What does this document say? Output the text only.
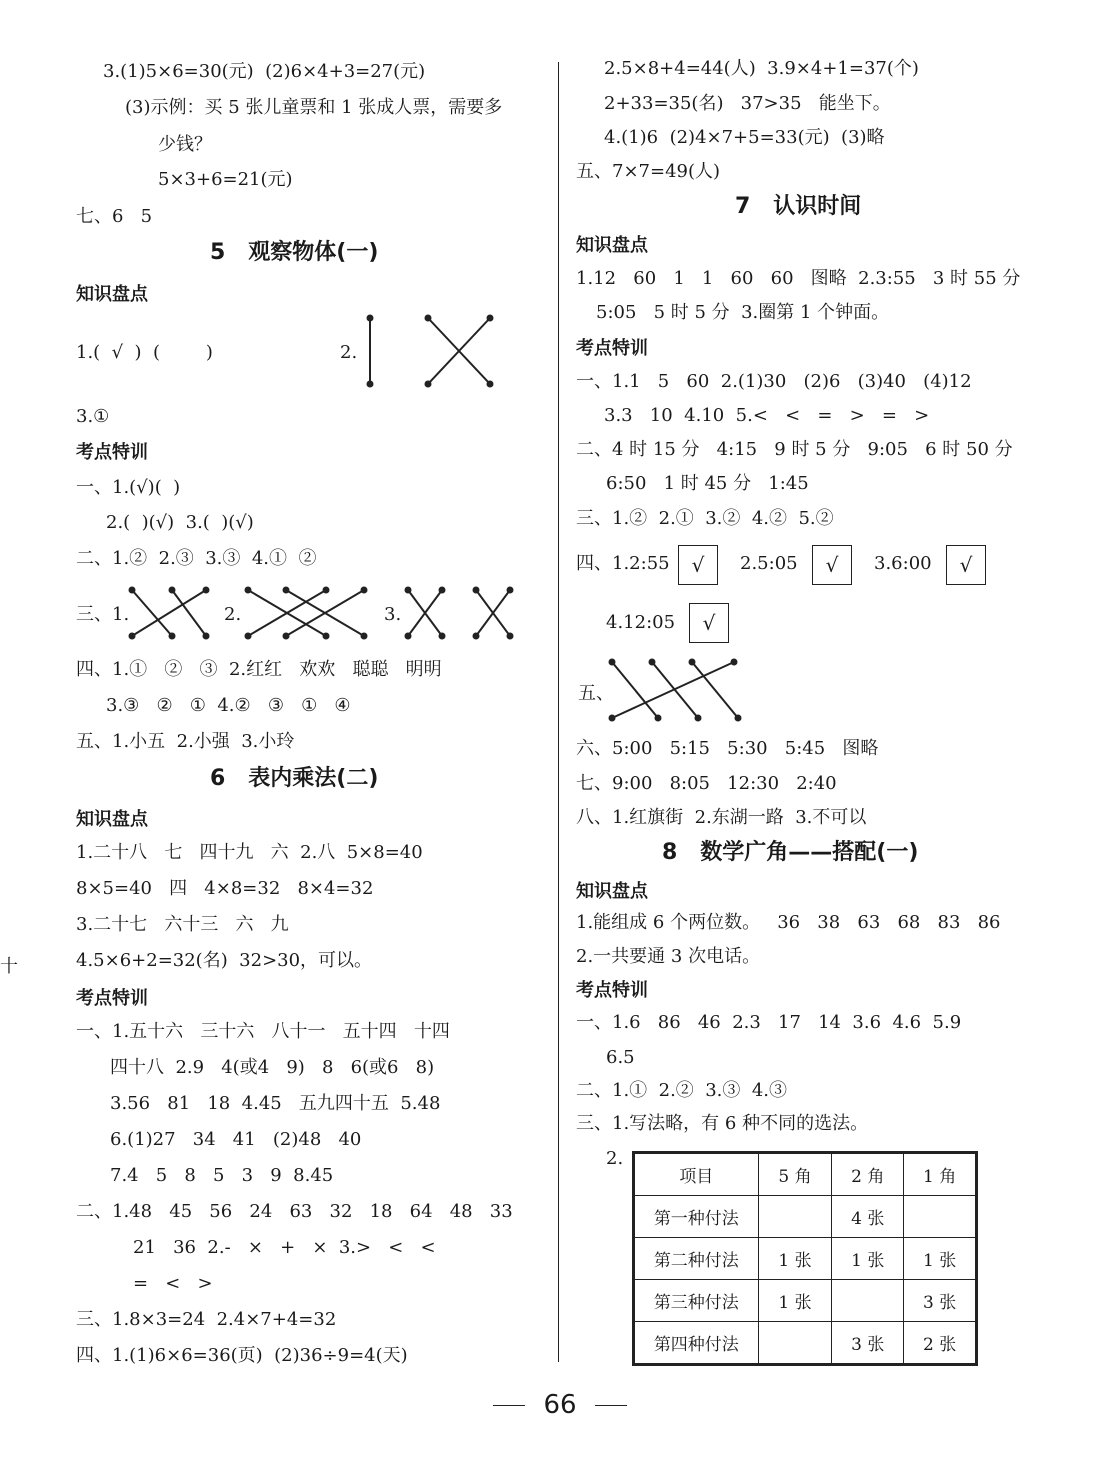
十
3.(1)5×6=30(元)  (2)6×4+3=27(元)
(3)示例：买 5 张儿童票和 1 张成人票，需要多
少钱？
5×3+6=21(元)
七、6   5
5   观察物体(一)
知识盘点
1.(  √  )  (        )	2.
3.①
考点特训
一、1.(√)(  )
2.(  )(√)  3.(  )(√)
二、1.②  2.③  3.③  4.①  ②
三、1.	2.	3.
四、1.①   ②   ③  2.红红   欢欢   聪聪   明明
3.③   ②   ①  4.②   ③   ①   ④
五、1.小五  2.小强  3.小玲
6   表内乘法(二)
知识盘点
1.二十八   七   四十九   六  2.八  5×8=40
8×5=40   四   4×8=32   8×4=32
3.二十七   六十三   六   九
4.5×6+2=32(名)  32>30，可以。
考点特训
一、1.五十六   三十六   八十一   五十四   十四
四十八  2.9   4(或4   9)   8   6(或6   8)
3.56   81   18  4.45   五九四十五  5.48
6.(1)27   34   41   (2)48   40
7.4   5   8   5   3   9  8.45
二、1.48   45   56   24   63   32   18   64   48   33
21   36  2.-   ×   +   ×  3.>   <   <
=   <   >
三、1.8×3=24  2.4×7+4=32
四、1.(1)6×6=36(页)  (2)36÷9=4(天)
2.5×8+4=44(人)  3.9×4+1=37(个)
2+33=35(名)   37>35   能坐下。
4.(1)6  (2)4×7+5=33(元)  (3)略
五、7×7=49(人)
7   认识时间
知识盘点
1.12   60   1   1   60   60   图略  2.3:55   3 时 55 分
5:05   5 时 5 分  3.圈第 1 个钟面。
考点特训
一、1.1   5   60  2.(1)30   (2)6   (3)40   (4)12
3.3   10  4.10  5.<   <   =   >   =   >
二、4 时 15 分   4:15   9 时 5 分   9:05   6 时 50 分
6:50   1 时 45 分   1:45
三、1.②  2.①  3.②  4.②  5.②
四、1.2:55	√	2.5:05	√	3.6:00	√
4.12:05	√
五、
六、5:00   5:15   5:30   5:45   图略
七、9:00   8:05   12:30   2:40
八、1.红旗街  2.东湖一路  3.不可以
8   数学广角——搭配(一)
知识盘点
1.能组成 6 个两位数。   36   38   63   68   83   86
2.一共要通 3 次电话。
考点特训
一、1.6   86   46  2.3   17   14  3.6  4.6  5.9
6.5
二、1.①  2.②  3.③  4.③
三、1.写法略，有 6 种不同的选法。
2.
项目	5 角	2 角	1 角
第一种付法		4 张	
第二种付法	1 张	1 张	1 张
第三种付法	1 张		3 张
第四种付法		3 张	2 张
66
